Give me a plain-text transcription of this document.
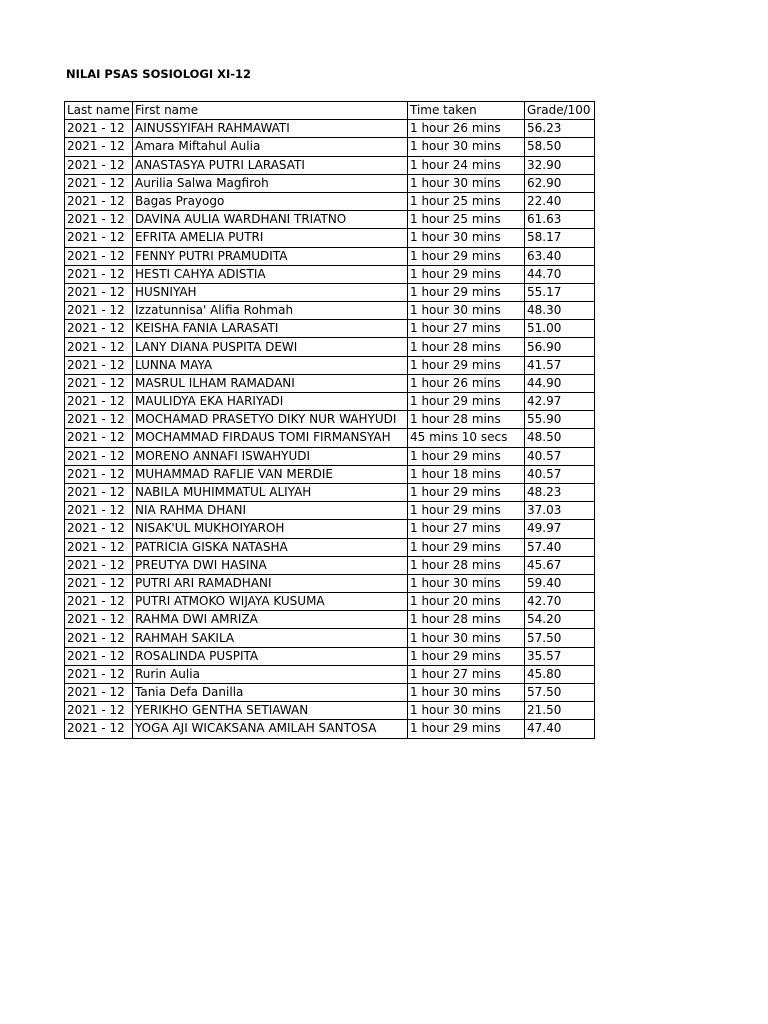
NILAI PSAS SOSIOLOGI XI-12
Last name	First name	Time taken	Grade/100
2021 - 12	AINUSSYIFAH RAHMAWATI	1 hour 26 mins	56.23
2021 - 12	Amara Miftahul Aulia	1 hour 30 mins	58.50
2021 - 12	ANASTASYA PUTRI LARASATI	1 hour 24 mins	32.90
2021 - 12	Aurilia Salwa Magfiroh	1 hour 30 mins	62.90
2021 - 12	Bagas Prayogo	1 hour 25 mins	22.40
2021 - 12	DAVINA AULIA WARDHANI TRIATNO	1 hour 25 mins	61.63
2021 - 12	EFRITA AMELIA PUTRI	1 hour 30 mins	58.17
2021 - 12	FENNY PUTRI PRAMUDITA	1 hour 29 mins	63.40
2021 - 12	HESTI CAHYA ADISTIA	1 hour 29 mins	44.70
2021 - 12	HUSNIYAH	1 hour 29 mins	55.17
2021 - 12	Izzatunnisa' Alifia Rohmah	1 hour 30 mins	48.30
2021 - 12	KEISHA FANIA LARASATI	1 hour 27 mins	51.00
2021 - 12	LANY DIANA PUSPITA DEWI	1 hour 28 mins	56.90
2021 - 12	LUNNA MAYA	1 hour 29 mins	41.57
2021 - 12	MASRUL ILHAM RAMADANI	1 hour 26 mins	44.90
2021 - 12	MAULIDYA EKA HARIYADI	1 hour 29 mins	42.97
2021 - 12	MOCHAMAD PRASETYO DIKY NUR WAHYUDI	1 hour 28 mins	55.90
2021 - 12	MOCHAMMAD FIRDAUS TOMI FIRMANSYAH	45 mins 10 secs	48.50
2021 - 12	MORENO ANNAFI ISWAHYUDI	1 hour 29 mins	40.57
2021 - 12	MUHAMMAD RAFLIE VAN MERDIE	1 hour 18 mins	40.57
2021 - 12	NABILA MUHIMMATUL ALIYAH	1 hour 29 mins	48.23
2021 - 12	NIA RAHMA DHANI	1 hour 29 mins	37.03
2021 - 12	NISAK'UL MUKHOIYAROH	1 hour 27 mins	49.97
2021 - 12	PATRICIA GISKA NATASHA	1 hour 29 mins	57.40
2021 - 12	PREUTYA DWI HASINA	1 hour 28 mins	45.67
2021 - 12	PUTRI ARI RAMADHANI	1 hour 30 mins	59.40
2021 - 12	PUTRI ATMOKO WIJAYA KUSUMA	1 hour 20 mins	42.70
2021 - 12	RAHMA DWI AMRIZA	1 hour 28 mins	54.20
2021 - 12	RAHMAH SAKILA	1 hour 30 mins	57.50
2021 - 12	ROSALINDA PUSPITA	1 hour 29 mins	35.57
2021 - 12	Rurin Aulia	1 hour 27 mins	45.80
2021 - 12	Tania Defa Danilla	1 hour 30 mins	57.50
2021 - 12	YERIKHO GENTHA SETIAWAN	1 hour 30 mins	21.50
2021 - 12	YOGA AJI WICAKSANA AMILAH SANTOSA	1 hour 29 mins	47.40
